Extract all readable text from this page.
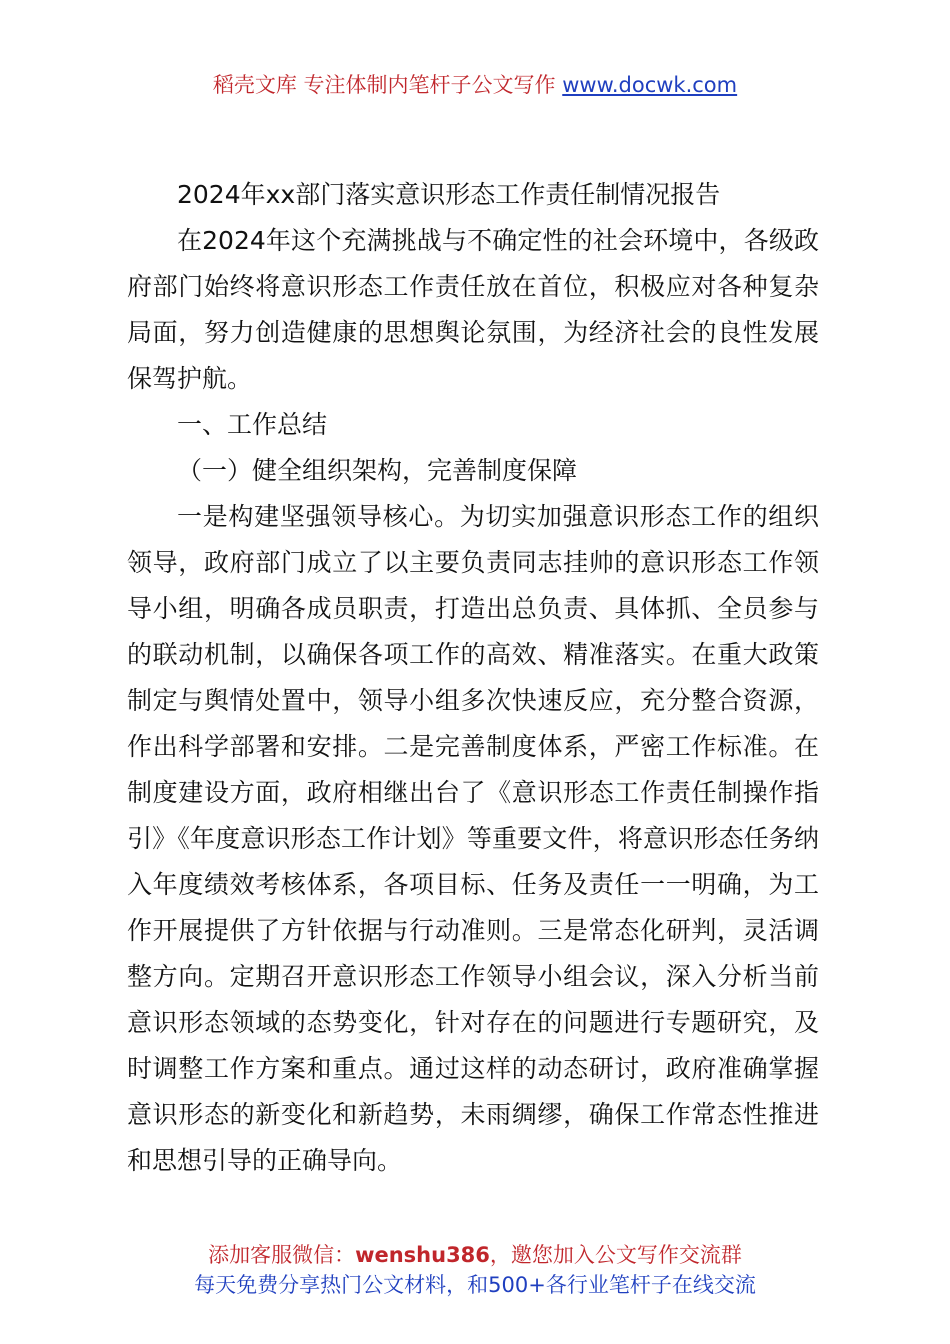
稻壳文库 专注体制内笔杆子公文写作 www.docwk.com

2024年xx部门落实意识形态工作责任制情况报告

在2024年这个充满挑战与不确定性的社会环境中，各级政府部门始终将意识形态工作责任放在首位，积极应对各种复杂局面，努力创造健康的思想舆论氛围，为经济社会的良性发展保驾护航。

一、工作总结

（一）健全组织架构，完善制度保障

一是构建坚强领导核心。为切实加强意识形态工作的组织领导，政府部门成立了以主要负责同志挂帅的意识形态工作领导小组，明确各成员职责，打造出总负责、具体抓、全员参与的联动机制，以确保各项工作的高效、精准落实。在重大政策制定与舆情处置中，领导小组多次快速反应，充分整合资源，作出科学部署和安排。二是完善制度体系，严密工作标准。在制度建设方面，政府相继出台了《意识形态工作责任制操作指引》《年度意识形态工作计划》等重要文件，将意识形态任务纳入年度绩效考核体系，各项目标、任务及责任一一明确，为工作开展提供了方针依据与行动准则。三是常态化研判，灵活调整方向。定期召开意识形态工作领导小组会议，深入分析当前意识形态领域的态势变化，针对存在的问题进行专题研究，及时调整工作方案和重点。通过这样的动态研讨，政府准确掌握意识形态的新变化和新趋势，未雨绸缪，确保工作常态性推进和思想引导的正确导向。

添加客服微信：wenshu386，邀您加入公文写作交流群
每天免费分享热门公文材料，和500+各行业笔杆子在线交流
